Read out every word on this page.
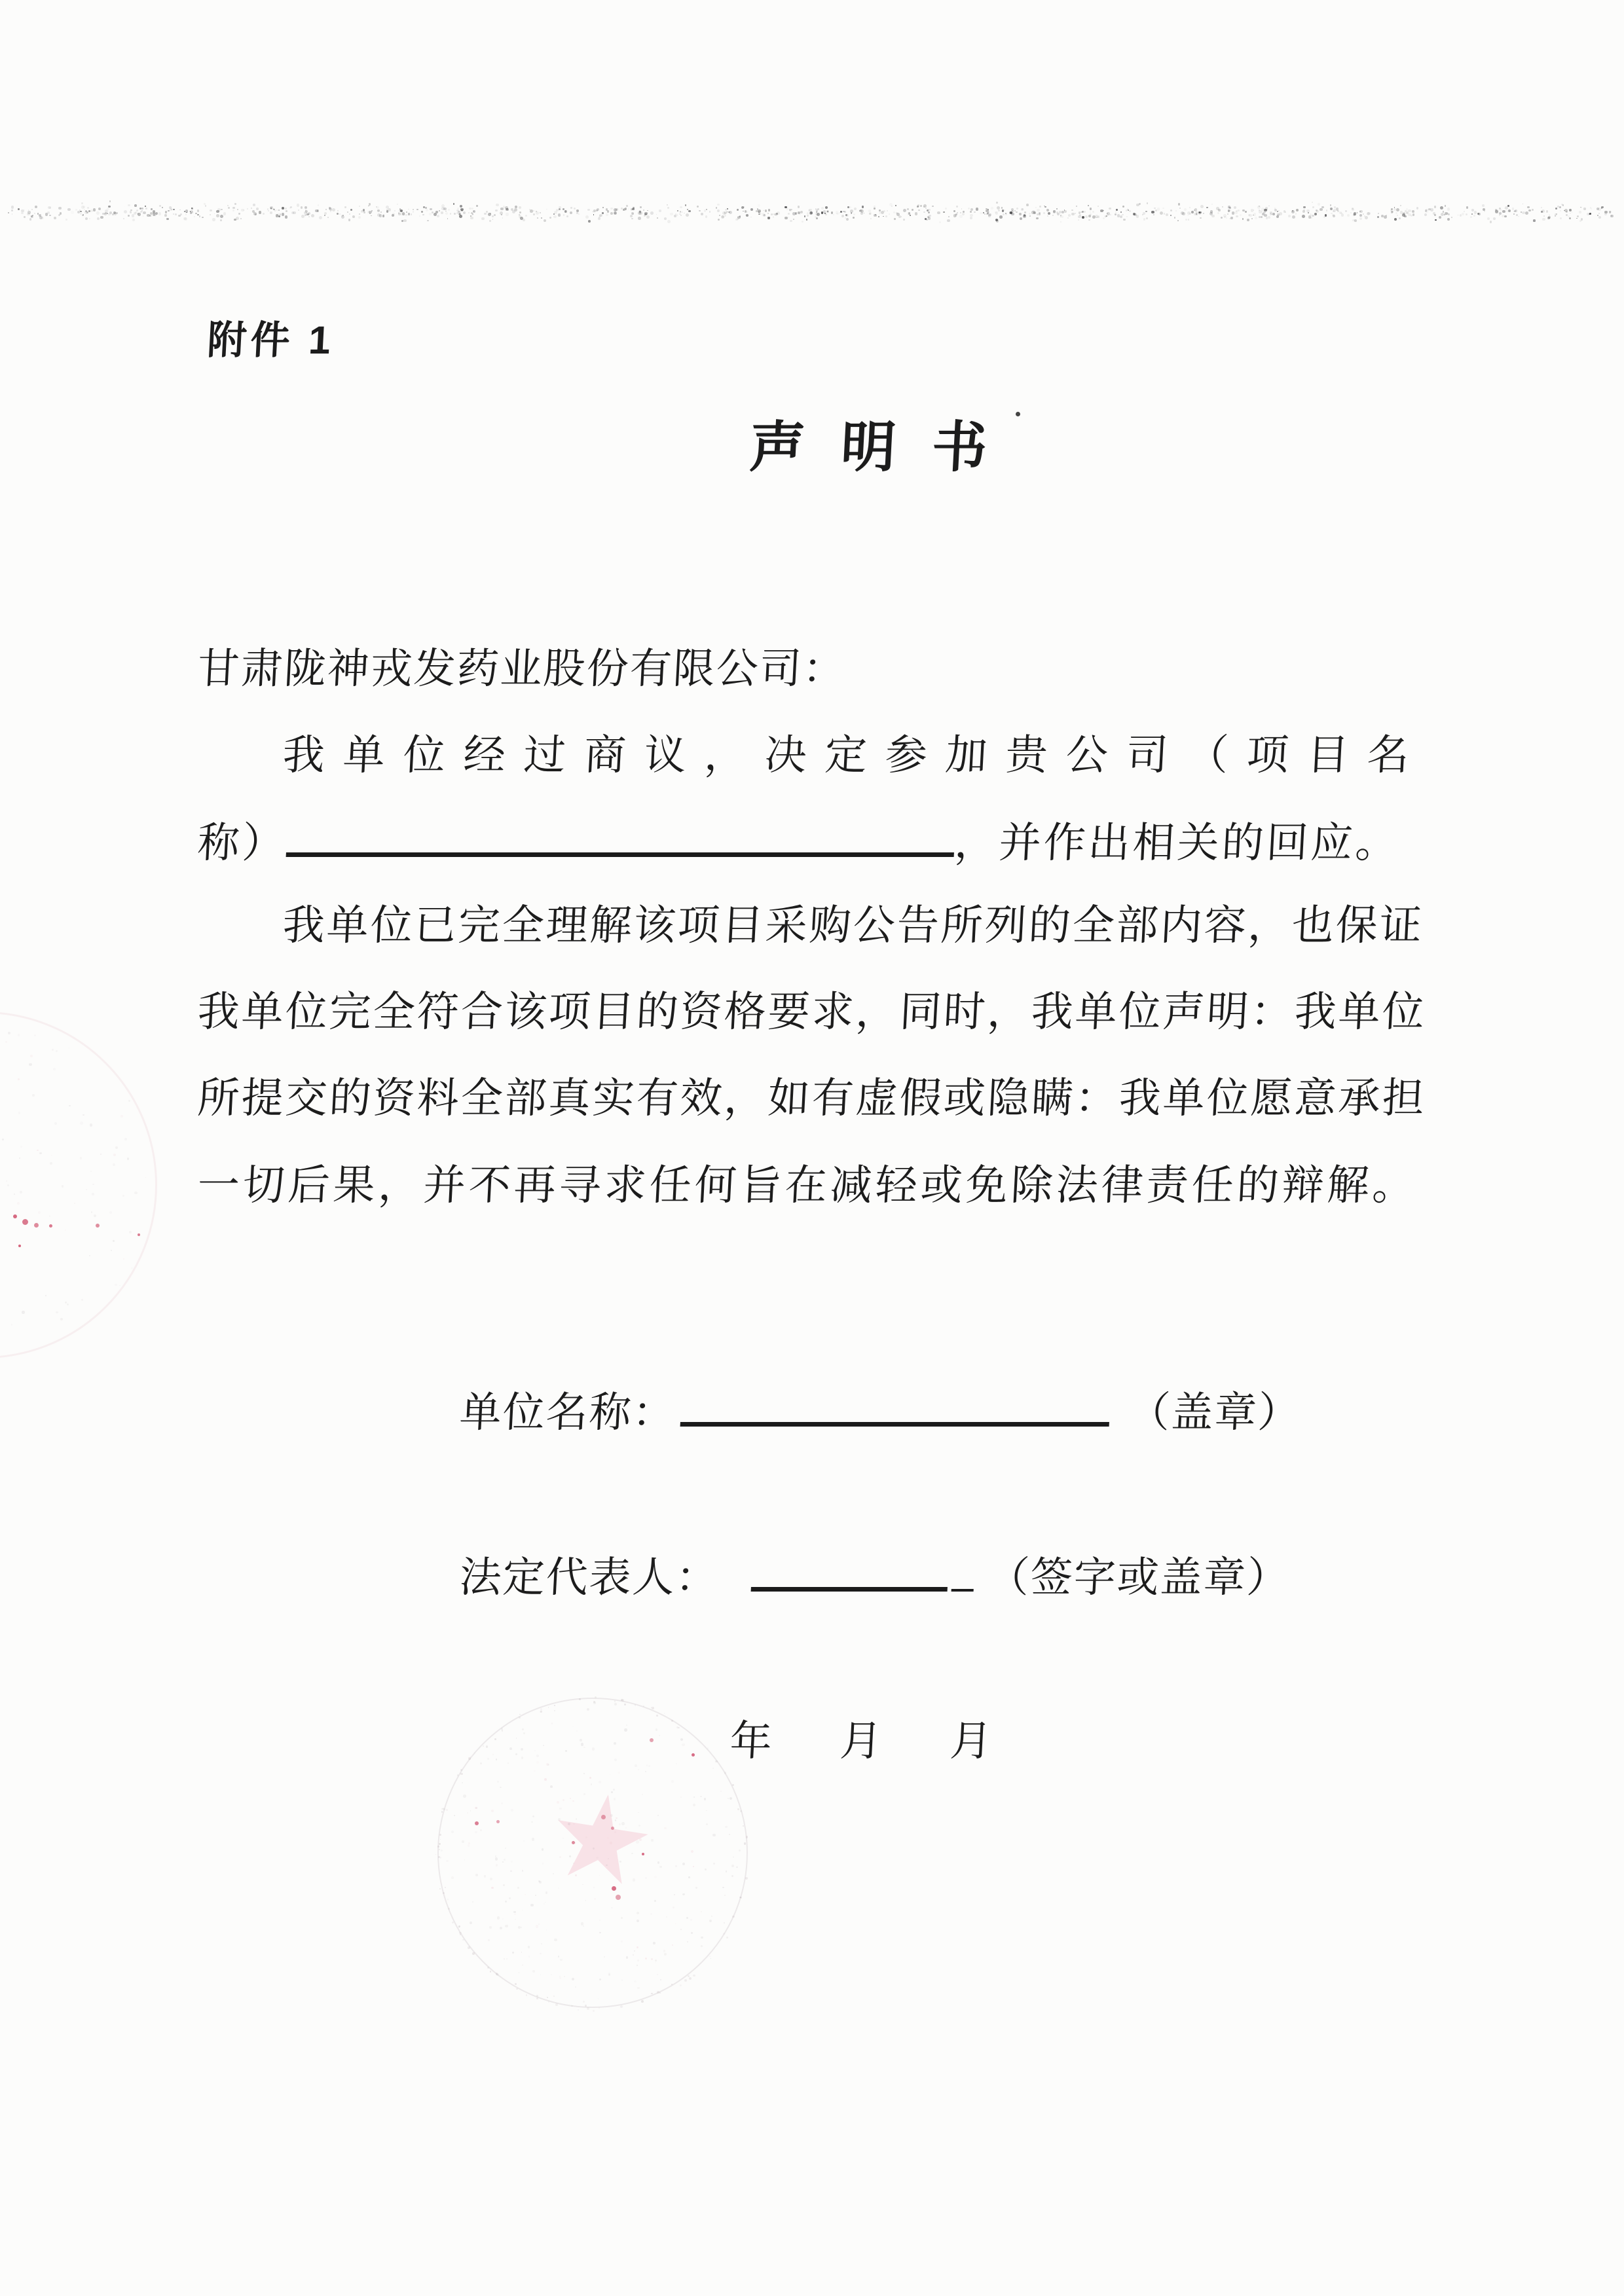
附件 1
声明书
甘肃陇神戎发药业股份有限公司：
我单位经过商议，决定参加贵公司（项目名
称）	，并作出相关的回应。
我单位已完全理解该项目采购公告所列的全部内容，也保证
我单位完全符合该项目的资格要求，同时，我单位声明：我单位
所提交的资料全部真实有效，如有虚假或隐瞒：我单位愿意承担
一切后果，并不再寻求任何旨在减轻或免除法律责任的辩解。
单位名称：	（盖章）
法定代表人：	（签字或盖章）
年　月　月
